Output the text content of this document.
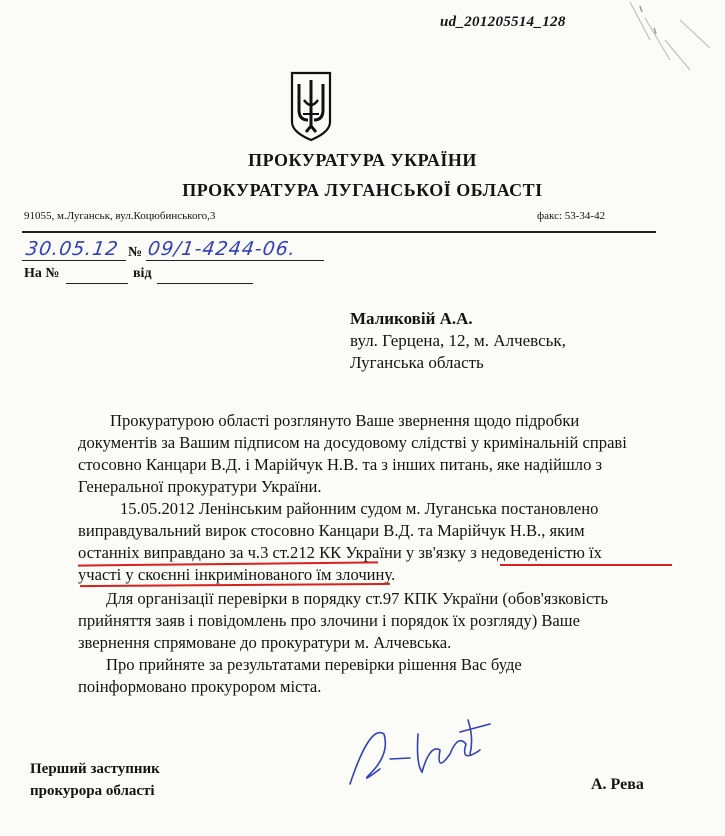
ud_201205514_128
ПРОКУРАТУРА УКРАЇНИ
ПРОКУРАТУРА ЛУГАНСЬКОЇ ОБЛАСТІ
91055, м.Луганськ, вул.Коцюбинського,3	факс: 53-34-42
30.05.12 № 09/1-4244-06.
На №	від
Маликовій А.А.
вул. Герцена, 12, м. Алчевськ,
Луганська область
Прокуратурою області розглянуто Ваше звернення щодо підробки
документів за Вашим підписом на досудовому слідстві у кримінальній справі
стосовно Канцари В.Д. і Марійчук Н.В. та з інших питань, яке надійшло з
Генеральної прокуратури України.
15.05.2012 Ленінським районним судом м. Луганська постановлено
виправдувальний вирок стосовно Канцари В.Д. та Марійчук Н.В., яким
останніх виправдано за ч.3 ст.212 КК України у зв'язку з недоведеністю їх
участі у скоєнні інкримінованого їм злочину.
Для організації перевірки в порядку ст.97 КПК України (обов'язковість
прийняття заяв і повідомлень про злочини і порядок їх розгляду) Ваше
звернення спрямоване до прокуратури м. Алчевська.
Про прийняте за результатами перевірки рішення Вас буде
поінформовано прокурором міста.
Перший заступник
прокурора області	А. Рева
